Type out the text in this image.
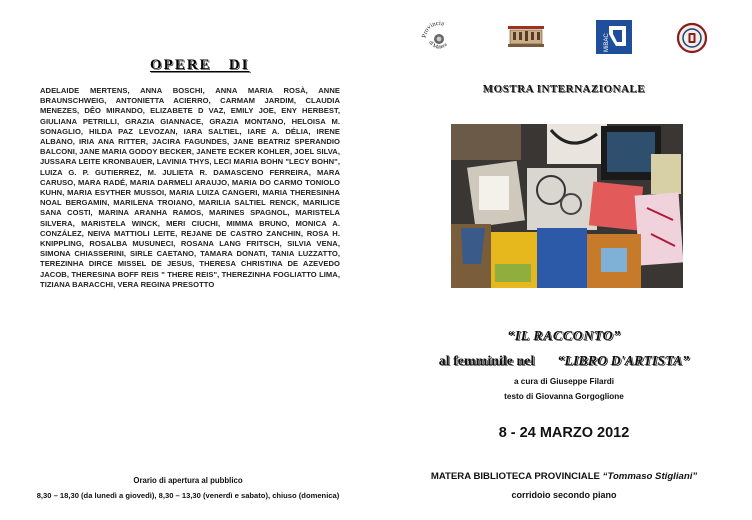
OPERE   DI
ADELAIDE MERTENS, ANNA BOSCHI, ANNA MARIA ROSÀ, ANNE BRAUNSCHWEIG, ANTONIETTA ACIERRO, CARMAM JARDIM, CLAUDIA MENEZES, DÊO MIRANDO, ELIZABETE D VAZ, EMILY JOE, ENY HERBEST, GIULIANA PETRILLI, GRAZIA GIANNACE, GRAZIA MONTANO, HELOISA M. SONAGLIO, HILDA PAZ LEVOZAN, IARA SALTIEL, IARE A. DÉLIA, IRENE ALBANO, IRIA ANA RITTER, JACIRA FAGUNDES, JANE BEATRIZ SPERANDIO BALCONI, JANE MARIA GODOY BECKER, JANETE ECKER KOHLER, JOEL SILVA, JUSSARA LEITE KRONBAUER, LAVINIA THYS, LECI MARIA BOHN "LECY BOHN", LUIZA G. P. GUTIERREZ, M. JULIETA R. DAMASCENO FERREIRA, MARA CARUSO, MARA RADÉ, MARIA DARMELI ARAUJO, MARIA DO CARMO TONIOLO KUHN, MARIA ESYTHER MUSSOI, MARIA LUIZA CANGERI, MARIA THERESINHA NOAL BERGAMIN, MARILENA TROIANO, MARILIA SALTIEL RENCK, MARILICE SANA COSTI, MARINA ARANHA RAMOS, MARINES SPAGNOL, MARISTELA SILVERA, MARISTELA WINCK, MERI CIUCHI, MIMMA BRUNO, MONICA A. CONZÁLEZ, NEIVA MATTIOLI LEITE, REJANE DE CASTRO ZANCHIN, ROSA H. KNIPPLING, ROSALBA MUSUNECI, ROSANA LANG FRITSCH, SILVIA VENA, SIMONA CHIASSERINI, SIRLE CAETANO, TAMARA DONATI, TANIA LUZZATTO, TEREZINHA DIRCE MISSEL DE JESUS, THERESA CHRISTINA DE AZEVEDO JACOB, THERESINA BOFF REIS " THERE REIS", THEREZINHA FOGLIATTO LIMA, TIZIANA BARACCHI, VERA REGINA PRESOTTO
Orario di apertura al pubblico
8,30 – 18,30 (da lunedì a giovedì), 8,30 – 13,30 (venerdì e sabato), chiuso (domenica)
Provincia
di Matera	MiBAC
MOSTRA INTERNAZIONALE
“IL RACCONTO”
al femminile nel “LIBRO D'ARTISTA”
a cura di Giuseppe Filardi
testo di Giovanna Gorgoglione
8 - 24 MARZO 2012
MATERA BIBLIOTECA PROVINCIALE “Tommaso Stigliani”
corridoio secondo piano
